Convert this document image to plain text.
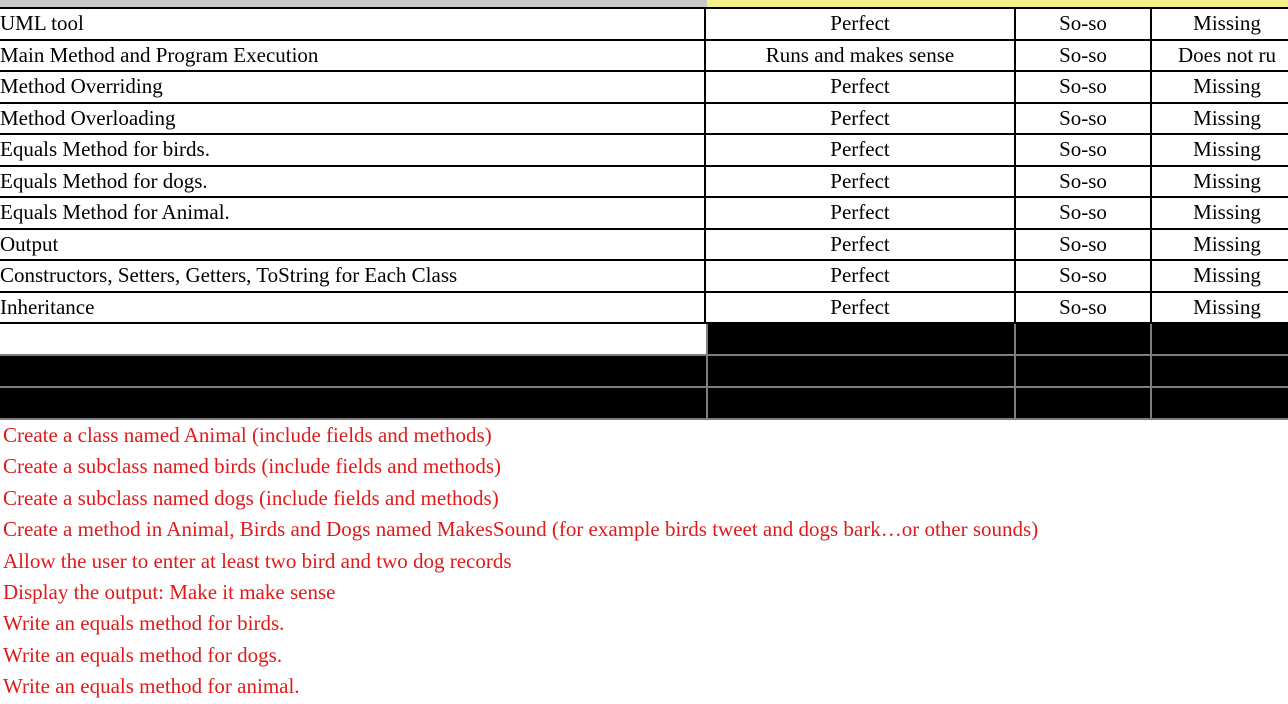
UML tool	Perfect	So-so	Missing
Main Method and Program Execution	Runs and makes sense	So-so	Does not ru
Method Overriding	Perfect	So-so	Missing
Method Overloading	Perfect	So-so	Missing
Equals Method for birds.	Perfect	So-so	Missing
Equals Method for dogs.	Perfect	So-so	Missing
Equals Method for Animal.	Perfect	So-so	Missing
Output	Perfect	So-so	Missing
Constructors, Setters, Getters, ToString for Each Class	Perfect	So-so	Missing
Inheritance	Perfect	So-so	Missing
Create a class named Animal (include fields and methods)
Create a subclass named birds (include fields and methods)
Create a subclass named dogs (include fields and methods)
Create a method in Animal, Birds and Dogs named MakesSound (for example birds tweet and dogs bark…or other sounds)
Allow the user to enter at least two bird and two dog records
Display the output: Make it make sense
Write an equals method for birds.
Write an equals method for dogs.
Write an equals method for animal.
